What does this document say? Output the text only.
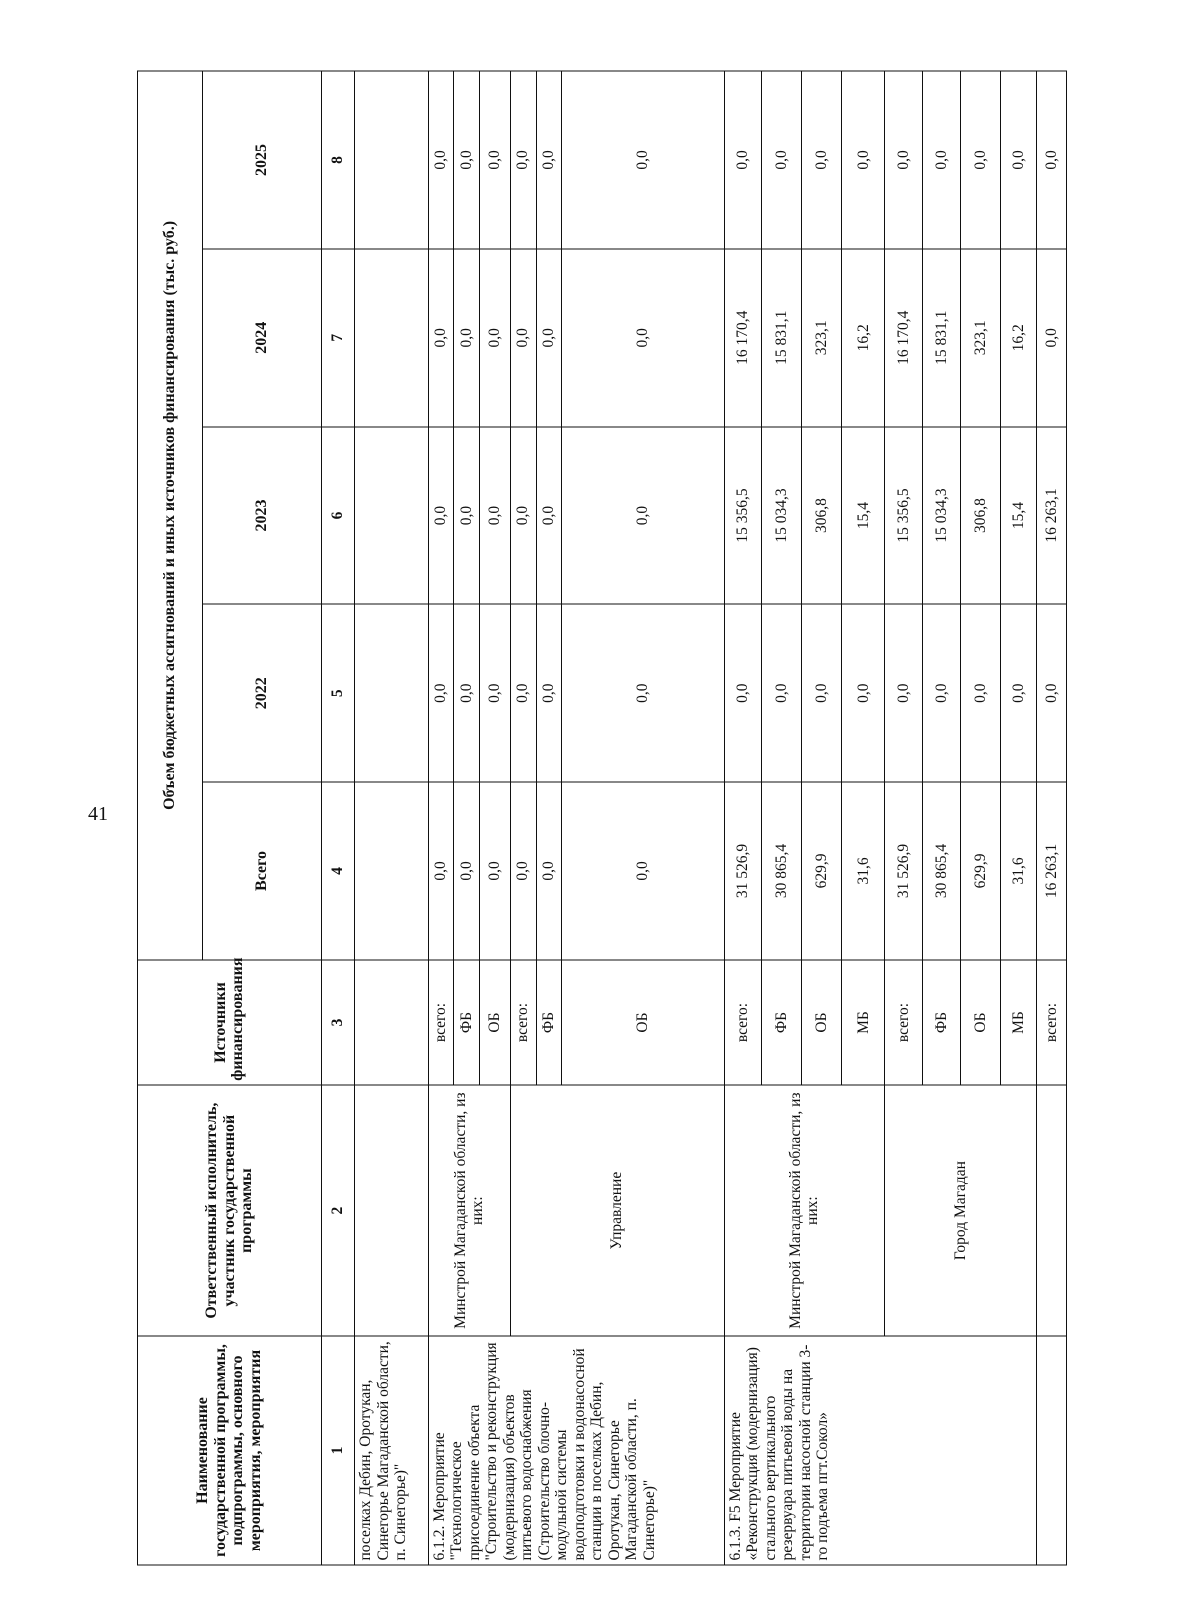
41
Наименование государственной программы, подпрограммы, основного мероприятия, мероприятия	Ответственный исполнитель, участник государственной программы	Источники финансирования	Объем бюджетных ассигнований и иных источников финансирования (тыс. руб.)				
			Всего	2022	2023	2024	2025
1	2	3	4	5	6	7	8
поселках Дебин, Оротукан, Синегорье Магаданской области, п. Синегорье)"							
6.1.2. Мероприятие "Технологическое присоединение объекта "Строительство и реконструкция (модернизация) объектов питьевого водоснабжения (Строительство блочно-модульной системы водоподготовки и водонасосной станции в поселках Дебин, Оротукан, Синегорье Магаданской области, п. Синегорье)"	Минстрой Магаданской области, из них:	всего:	0,0	0,0	0,0	0,0	0,0
		ФБ	0,0	0,0	0,0	0,0	0,0
		ОБ	0,0	0,0	0,0	0,0	0,0
	Управление	всего:	0,0	0,0	0,0	0,0	0,0
		ФБ	0,0	0,0	0,0	0,0	0,0
		ОБ	0,0	0,0	0,0	0,0	0,0
6.1.3. F5 Мероприятие «Реконструкция (модернизация) стального вертикального резервуара питьевой воды на территории насосной станции 3-го подъема пгт.Сокол»	Минстрой Магаданской области, из них:	всего:	31 526,9	0,0	15 356,5	16 170,4	0,0
		ФБ	30 865,4	0,0	15 034,3	15 831,1	0,0
		ОБ	629,9	0,0	306,8	323,1	0,0
		МБ	31,6	0,0	15,4	16,2	0,0
	Город Магадан	всего:	31 526,9	0,0	15 356,5	16 170,4	0,0
		ФБ	30 865,4	0,0	15 034,3	15 831,1	0,0
		ОБ	629,9	0,0	306,8	323,1	0,0
		МБ	31,6	0,0	15,4	16,2	0,0
		всего:	16 263,1	0,0	16 263,1	0,0	0,0
